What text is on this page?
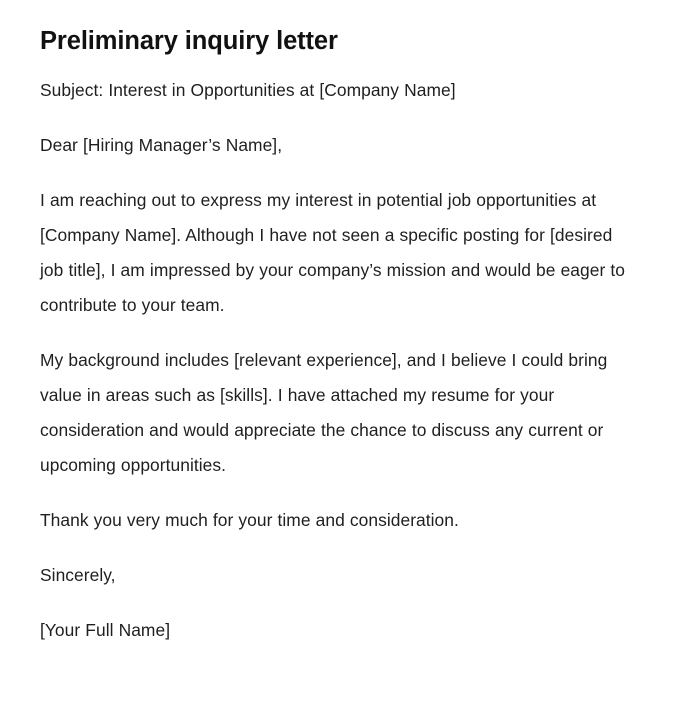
Preliminary inquiry letter

Subject: Interest in Opportunities at [Company Name]

Dear [Hiring Manager’s Name],

I am reaching out to express my interest in potential job opportunities at [Company Name]. Although I have not seen a specific posting for [desired job title], I am impressed by your company’s mission and would be eager to contribute to your team.

My background includes [relevant experience], and I believe I could bring value in areas such as [skills]. I have attached my resume for your consideration and would appreciate the chance to discuss any current or upcoming opportunities.

Thank you very much for your time and consideration.

Sincerely,

[Your Full Name]
